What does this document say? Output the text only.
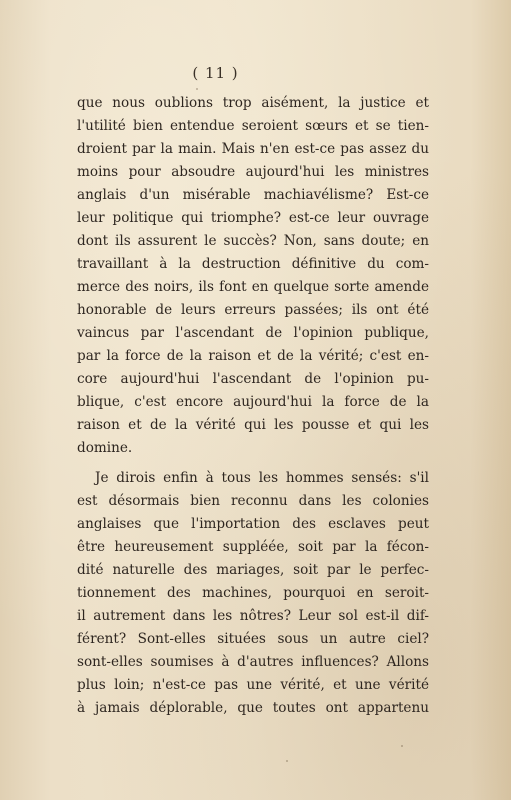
( 11 )
que nous oublions trop aisément, la justice et
l'utilité bien entendue seroient sœurs et se tien-
droient par la main. Mais n'en est-ce pas assez du
moins pour absoudre aujourd'hui les ministres
anglais d'un misérable machiavélisme? Est-ce
leur politique qui triomphe? est-ce leur ouvrage
dont ils assurent le succès? Non, sans doute; en
travaillant à la destruction définitive du com-
merce des noirs, ils font en quelque sorte amende
honorable de leurs erreurs passées; ils ont été
vaincus par l'ascendant de l'opinion publique,
par la force de la raison et de la vérité; c'est en-
core aujourd'hui l'ascendant de l'opinion pu-
blique, c'est encore aujourd'hui la force de la
raison et de la vérité qui les pousse et qui les
domine.
Je dirois enfin à tous les hommes sensés: s'il
est désormais bien reconnu dans les colonies
anglaises que l'importation des esclaves peut
être heureusement suppléée, soit par la fécon-
dité naturelle des mariages, soit par le perfec-
tionnement des machines, pourquoi en seroit-
il autrement dans les nôtres? Leur sol est-il dif-
férent? Sont-elles situées sous un autre ciel?
sont-elles soumises à d'autres influences? Allons
plus loin; n'est-ce pas une vérité, et une vérité
à jamais déplorable, que toutes ont appartenu
